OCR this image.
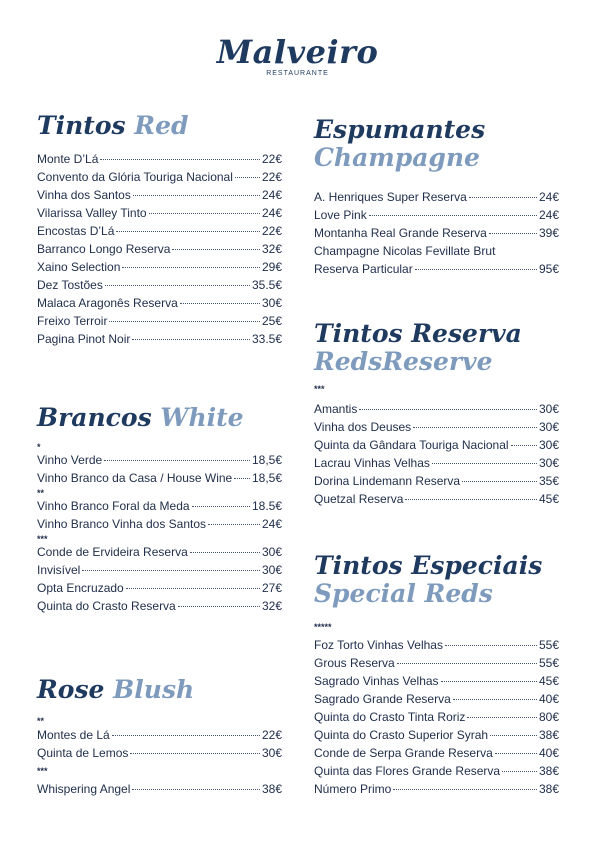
Malveiro
RESTAURANTE
Tintos Red
Monte D’Lá	22€
Convento da Glória Touriga Nacional 22€
Vinha dos Santos	24€
Vilarissa Valley Tinto	24€
Encostas D’Lá	22€
Barranco Longo Reserva	32€
Xaino Selection	29€
Dez Tostões	35.5€
Malaca Aragonês Reserva	30€
Freixo Terroir	25€
Pagina Pinot Noir	33.5€
Brancos White
*
Vinho Verde	18,5€
Vinho Branco da Casa / House Wine 18,5€
**
Vinho Branco Foral da Meda	18.5€
Vinho Branco Vinha dos Santos	24€
***
Conde de Ervideira Reserva	30€
Invisível	30€
Opta Encruzado	27€
Quinta do Crasto Reserva	32€
Rose Blush
**
Montes de Lá	22€
Quinta de Lemos	30€
***
Whispering Angel	38€
Espumantes
Champagne
A. Henriques Super Reserva	24€
Love Pink	24€
Montanha Real Grande Reserva	39€
Champagne Nicolas Fevillate Brut
Reserva Particular	95€
Tintos Reserva
RedsReserve
***
Amantis	30€
Vinha dos Deuses	30€
Quinta da Gândara Touriga Nacional	30€
Lacrau Vinhas Velhas	30€
Dorina Lindemann Reserva	35€
Quetzal Reserva	45€
Tintos Especiais
Special Reds
*****
Foz Torto Vinhas Velhas	55€
Grous Reserva	55€
Sagrado Vinhas Velhas	45€
Sagrado Grande Reserva	40€
Quinta do Crasto Tinta Roriz	80€
Quinta do Crasto Superior Syrah	38€
Conde de Serpa Grande Reserva	40€
Quinta das Flores Grande Reserva	38€
Número Primo	38€
